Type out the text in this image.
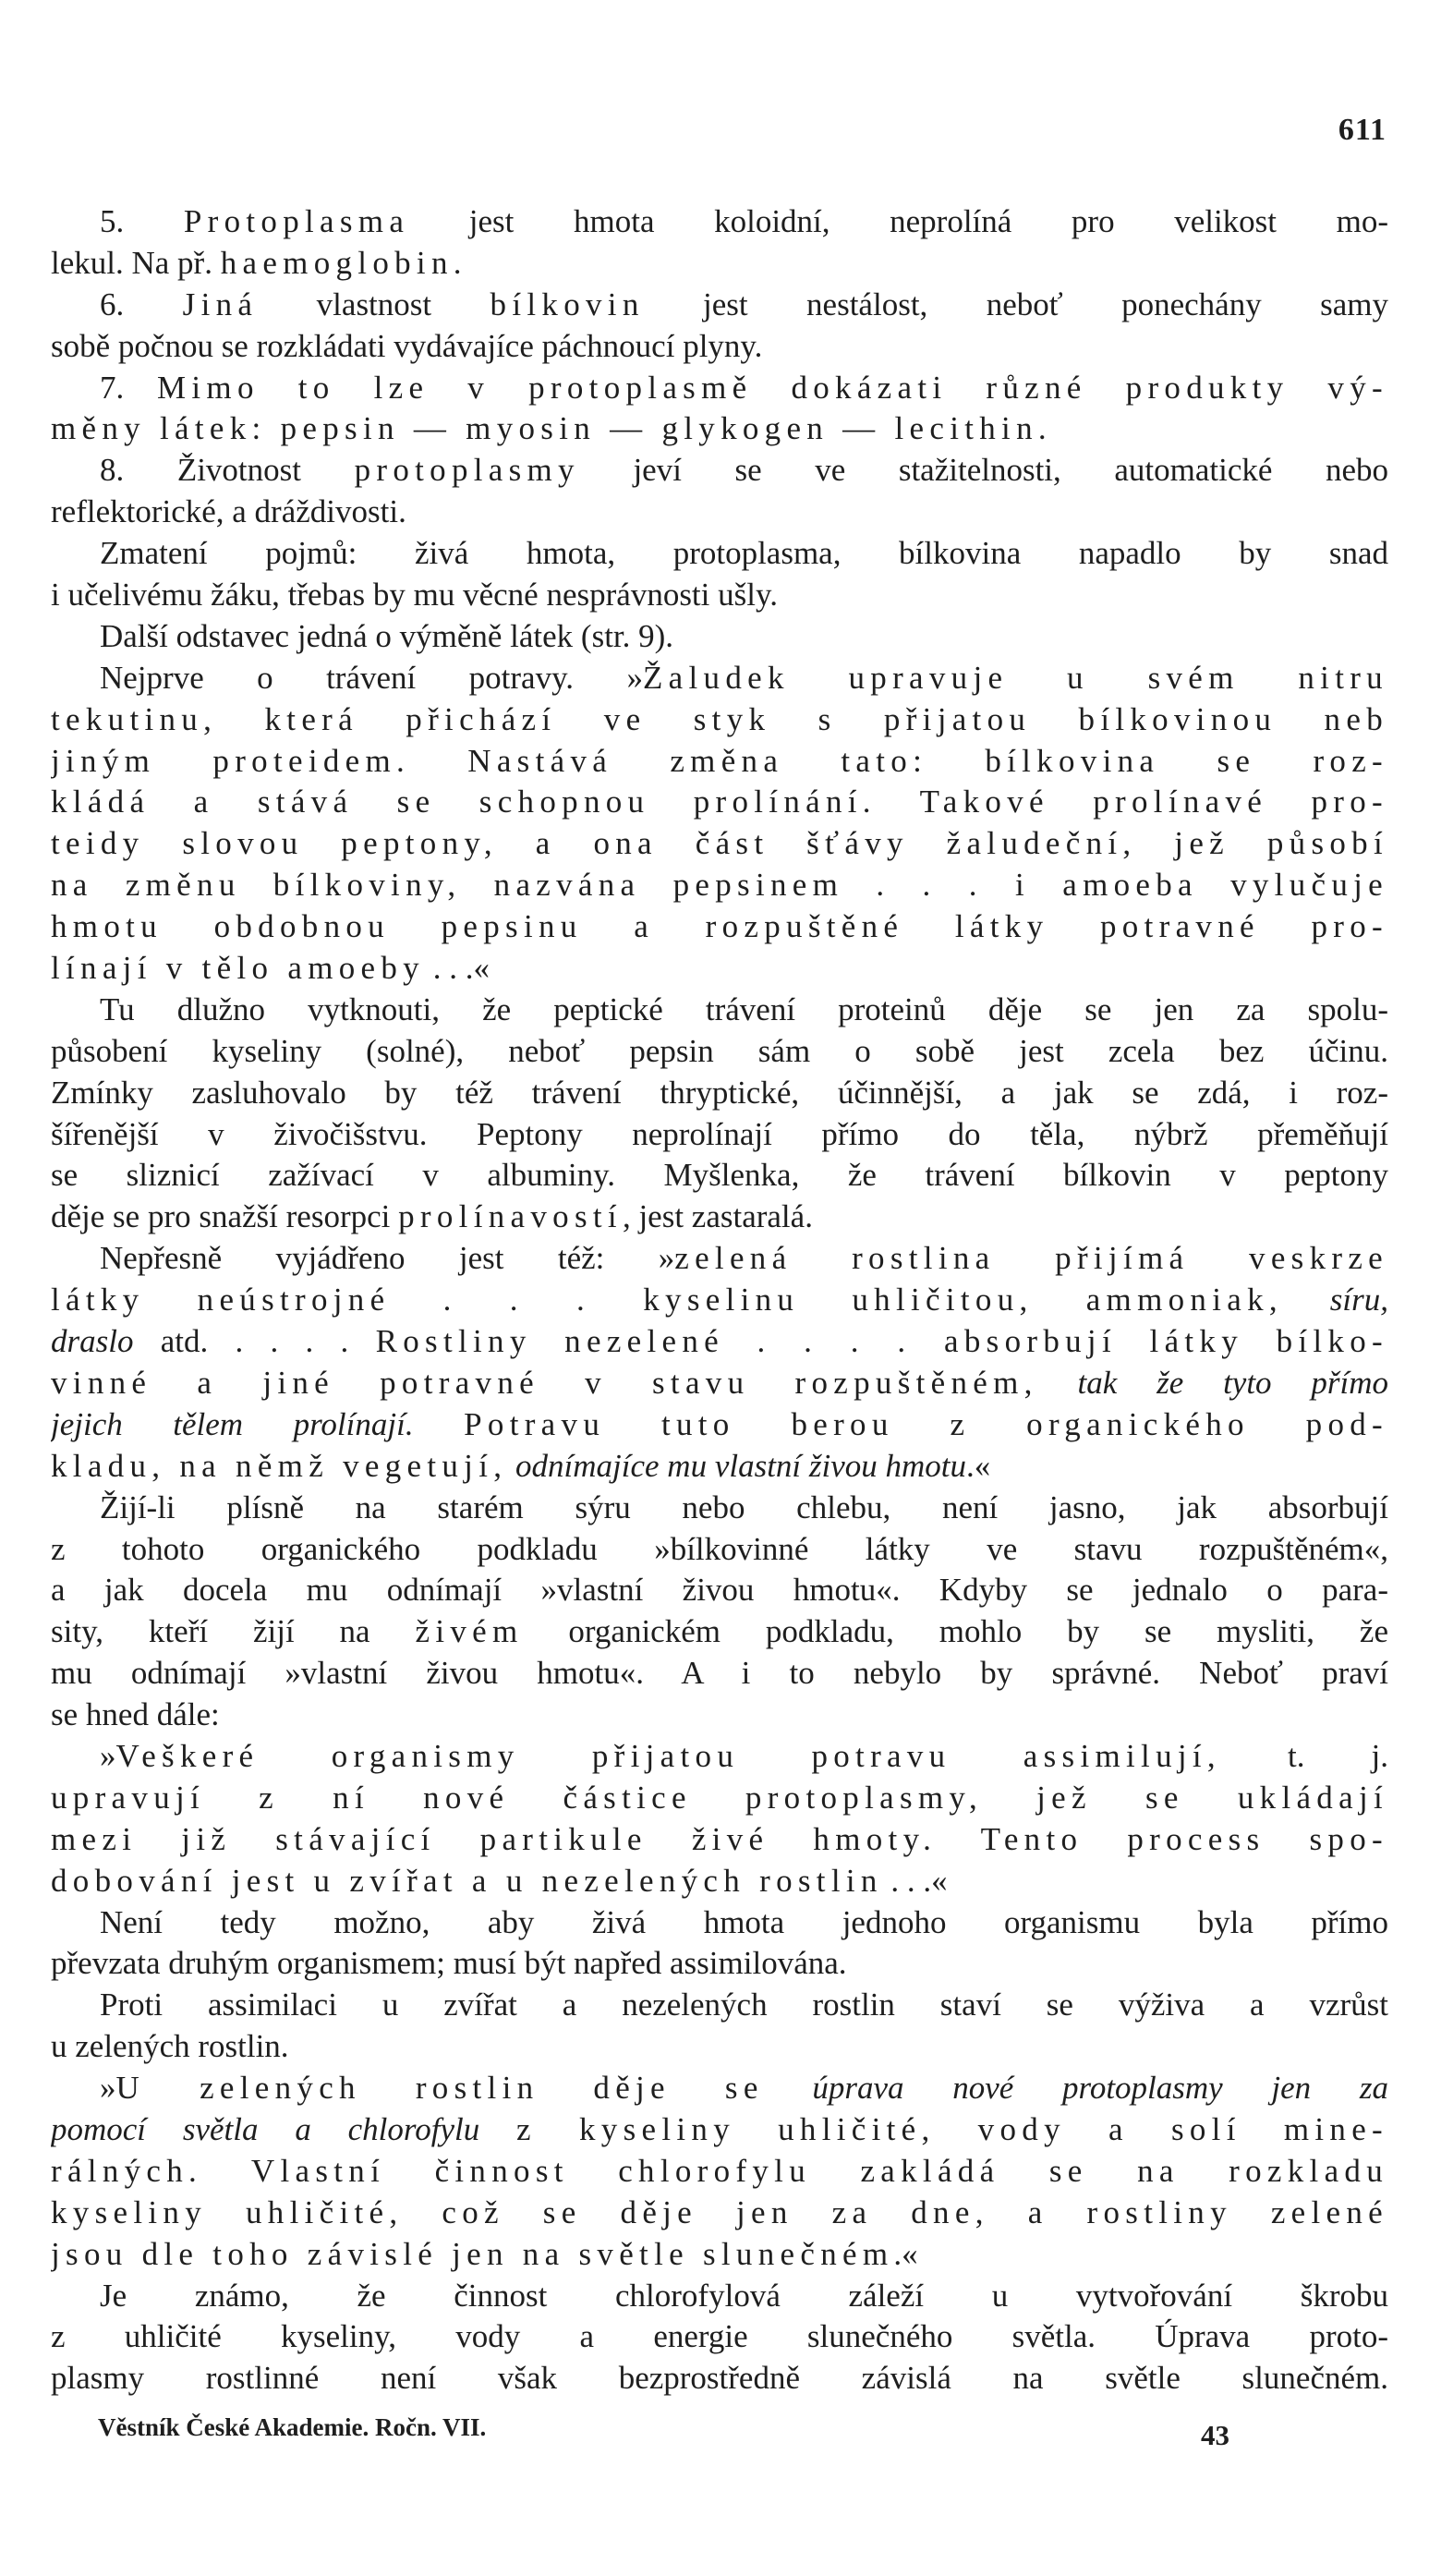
611
5. Protoplasma jest hmota koloidní, neprolíná pro velikost mo-
lekul. Na př. haemoglobin.
6. Jiná vlastnost bílkovin jest nestálost, neboť ponechány samy
sobě počnou se rozkládati vydávajíce páchnoucí plyny.
7. Mimo to lze v protoplasmě dokázati různé produkty vý-
měny látek: pepsin — myosin — glykogen — lecithin.
8. Životnost protoplasmy jeví se ve stažitelnosti, automatické nebo
reflektorické, a dráždivosti.
Zmatení pojmů: živá hmota, protoplasma, bílkovina napadlo by snad
i učelivému žáku, třebas by mu věcné nesprávnosti ušly.
Další odstavec jedná o výměně látek (str. 9).
Nejprve o trávení potravy. »Žaludek upravuje u svém nitru
tekutinu, která přichází ve styk s přijatou bílkovinou neb
jiným proteidem. Nastává změna tato: bílkovina se roz-
kládá a stává se schopnou prolínání. Takové prolínavé pro-
teidy slovou peptony, a ona část šťávy žaludeční, jež působí
na změnu bílkoviny, nazvána pepsinem . . . i amoeba vylučuje
hmotu obdobnou pepsinu a rozpuštěné látky potravné pro-
línají v tělo amoeby . . .«
Tu dlužno vytknouti, že peptické trávení proteinů děje se jen za spolu-
působení kyseliny (solné), neboť pepsin sám o sobě jest zcela bez účinu.
Zmínky zasluhovalo by též trávení thryptické, účinnější, a jak se zdá, i roz-
šířenější v živočišstvu. Peptony neprolínají přímo do těla, nýbrž přeměňují
se sliznicí zažívací v albuminy. Myšlenka, že trávení bílkovin v peptony
děje se pro snažší resorpci prolínavostí, jest zastaralá.
Nepřesně vyjádřeno jest též: »zelená rostlina přijímá veskrze
látky neústrojné . . . kyselinu uhličitou, ammoniak, síru,
draslo atd. . . . . Rostliny nezelené . . . . absorbují látky bílko-
vinné a jiné potravné v stavu rozpuštěném, tak že tyto přímo
jejich tělem prolínají. Potravu tuto berou z organického pod-
kladu, na němž vegetují, odnímajíce mu vlastní živou hmotu.«
Žijí-li plísně na starém sýru nebo chlebu, není jasno, jak absorbují
z tohoto organického podkladu »bílkovinné látky ve stavu rozpuštěném«,
a jak docela mu odnímají »vlastní živou hmotu«. Kdyby se jednalo o para-
sity, kteří žijí na živém organickém podkladu, mohlo by se mysliti, že
mu odnímají »vlastní živou hmotu«. A i to nebylo by správné. Neboť praví
se hned dále:
»Veškeré organismy přijatou potravu assimilují, t. j.
upravují z ní nové částice protoplasmy, jež se ukládají
mezi již stávající partikule živé hmoty. Tento process spo-
dobování jest u zvířat a u nezelených rostlin . . .«
Není tedy možno, aby živá hmota jednoho organismu byla přímo
převzata druhým organismem; musí být napřed assimilována.
Proti assimilaci u zvířat a nezelených rostlin staví se výživa a vzrůst
u zelených rostlin.
»U zelených rostlin děje se úprava nové protoplasmy jen za
pomocí světla a chlorofylu z kyseliny uhličité, vody a solí mine-
rálných. Vlastní činnost chlorofylu zakládá se na rozkladu
kyseliny uhličité, což se děje jen za dne, a rostliny zelené
jsou dle toho závislé jen na světle slunečném.«
Je známo, že činnost chlorofylová záleží u vytvořování škrobu
z uhličité kyseliny, vody a energie slunečného světla. Úprava proto-
plasmy rostlinné není však bezprostředně závislá na světle slunečném.
Věstník České Akademie. Ročn. VII.	43
